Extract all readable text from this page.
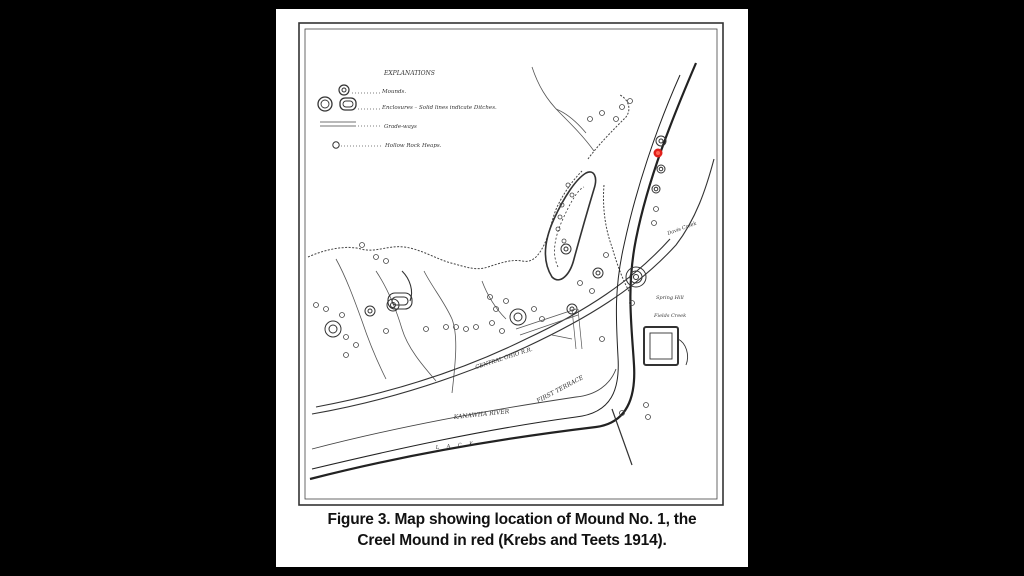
EXPLANATIONS
Mounds.
Enclosures – Solid lines indicate Ditches.
Grade-ways
Hollow Rock Heaps.
CENTRAL OHIO R.R.
KANAWHA RIVER
FIRST TERRACE
Davis Creek
Spring Hill
Fields Creek
L A C K
Figure 3. Map showing location of Mound No. 1, the
Creel Mound in red (Krebs and Teets 1914).
